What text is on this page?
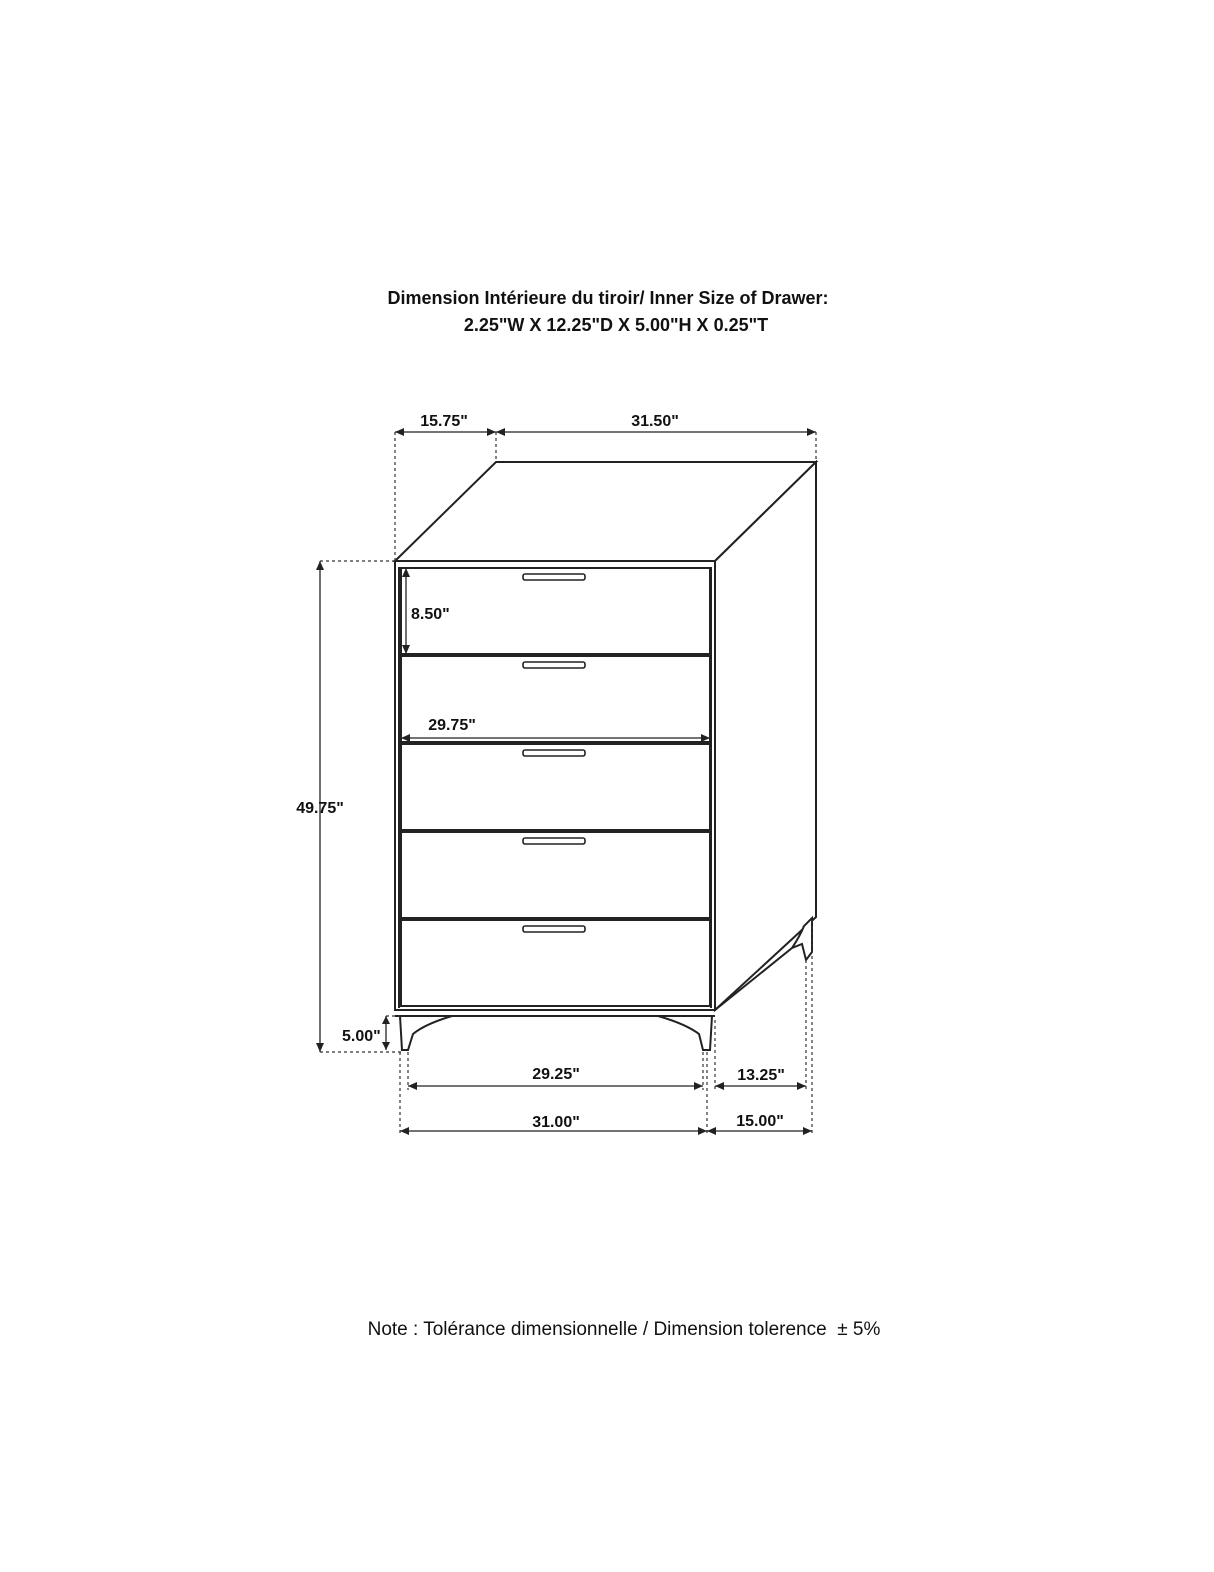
Dimension Intérieure du tiroir/ Inner Size of Drawer:
2.25"W X 12.25"D X 5.00"H X 0.25"T
15.75"	31.50"
8.50"
29.75"
49.75"
5.00"
29.25"	13.25"
31.00"	15.00"
Note : Tolérance dimensionnelle / Dimension tolerence  ± 5%
